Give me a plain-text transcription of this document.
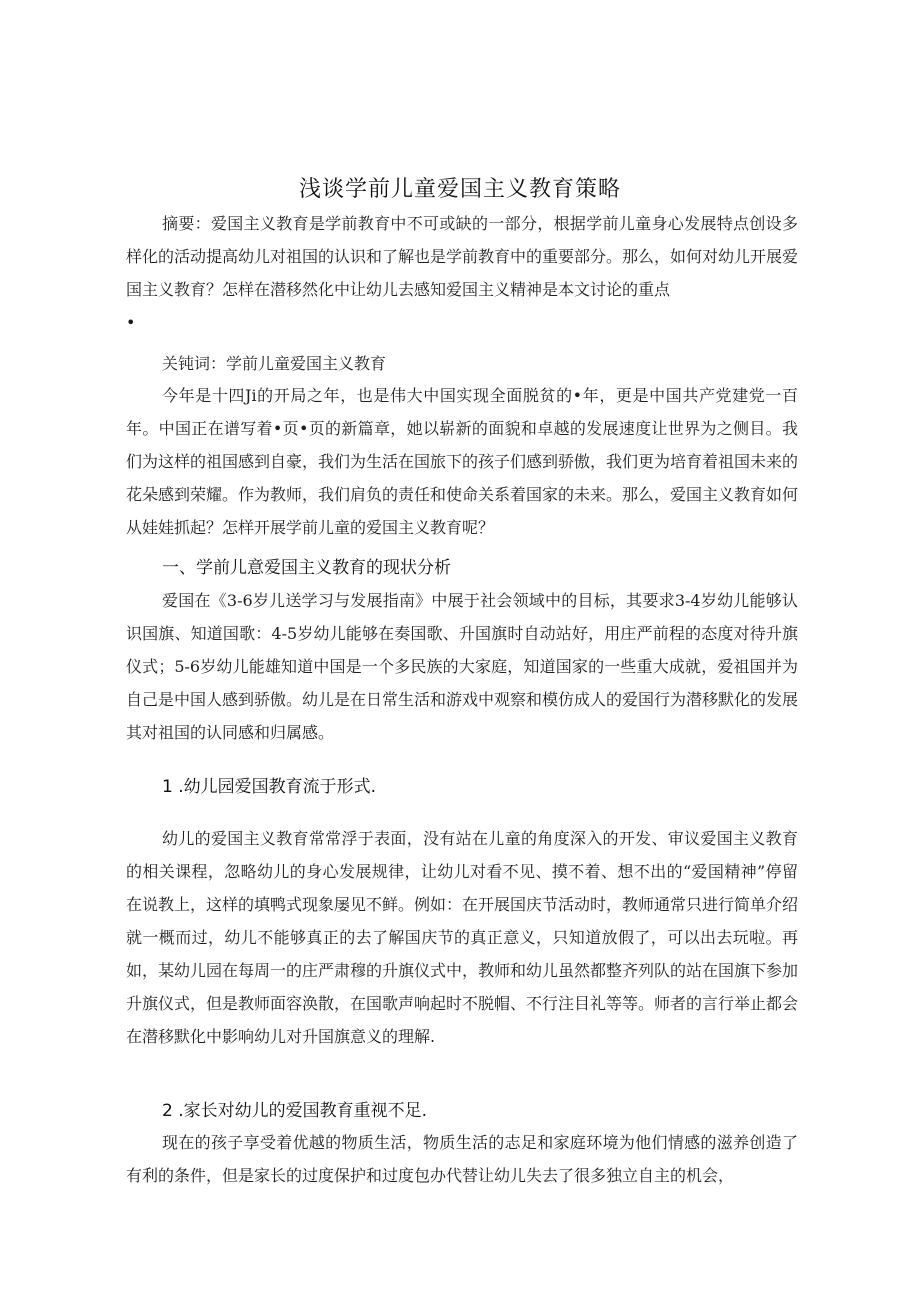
浅谈学前儿童爱国主义教育策略
摘要：爱国主义教育是学前教育中不可或缺的一部分，根据学前儿童身心发展特点创设多样化的活动提高幼儿对祖国的认识和了解也是学前教育中的重要部分。那么，如何对幼儿开展爱国主义教育？怎样在潜移然化中让幼儿去感知爱国主义精神是本文讨论的重点
•
关钝词：学前儿童爱国主义教育
今年是十四Ji的开局之年，也是伟大中国实现全面脱贫的•年，更是中国共产党建党一百年。中国正在谱写着•页•页的新篇章，她以崭新的面貌和卓越的发展速度让世界为之侧目。我们为这样的祖国感到自豪，我们为生活在国旅下的孩子们感到骄傲，我们更为培育着祖国未来的花朵感到荣耀。作为教师，我们肩负的责任和使命关系着国家的未来。那么，爱国主义教育如何从娃娃抓起？怎样开展学前儿童的爱国主义教育呢？
一、学前儿意爱国主义教育的现状分析
爱国在《3-6岁儿送学习与发展指南》中展于社会领域中的目标，其要求3-4岁幼儿能够认识国旗、知道国歌：4-5岁幼儿能够在奏国歌、升国旗时自动站好，用庄严前程的态度对待升旗仪式；5-6岁幼儿能雄知道中国是一个多民族的大家庭，知道国家的一些重大成就，爱祖国并为自己是中国人感到骄傲。幼儿是在日常生活和游戏中观察和模仿成人的爱国行为潜移默化的发展其对祖国的认同感和归属感。
1 .幼儿园爱国教育流于形式.
幼儿的爱国主义教育常常浮于表面，没有站在儿童的角度深入的开发、审议爱国主义教育的相关课程，忽略幼儿的身心发展规律，让幼儿对看不见、摸不着、想不出的“爱国精神”停留在说教上，这样的填鸭式现象屡见不鲜。例如：在开展国庆节活动时，教师通常只进行简单介绍就一概而过，幼儿不能够真正的去了解国庆节的真正意义，只知道放假了，可以出去玩啦。再如，某幼儿园在每周一的庄严肃穆的升旗仪式中，教师和幼儿虽然都整齐列队的站在国旗下参加升旗仪式，但是教师面容涣散，在国歌声响起时不脱帽、不行注目礼等等。师者的言行举止都会在潜移默化中影响幼儿对升国旗意义的理解.
2 .家长对幼儿的爱国教育重视不足.
现在的孩子享受着优越的物质生活，物质生活的志足和家庭环境为他们情感的滋养创造了有利的条件，但是家长的过度保护和过度包办代替让幼儿失去了很多独立自主的机会，
